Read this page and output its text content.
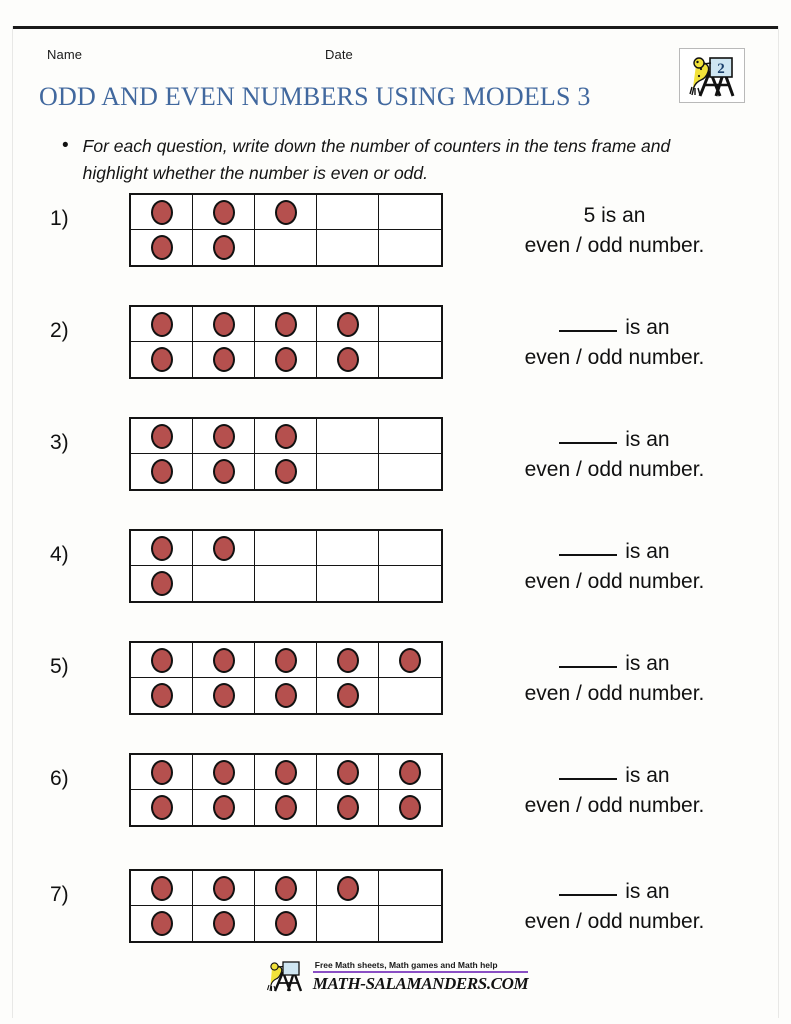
Name	Date
2
ODD AND EVEN NUMBERS USING MODELS 3
• For each question, write down the number of counters in the tens frame and highlight whether the number is even or odd.
1)	5 is an
even / odd number.
2)	is an
even / odd number.
3)	is an
even / odd number.
4)	is an
even / odd number.
5)	is an
even / odd number.
6)	is an
even / odd number.
7)	is an
even / odd number.
Free Math sheets, Math games and Math help
MATH-SALAMANDERS.COM
